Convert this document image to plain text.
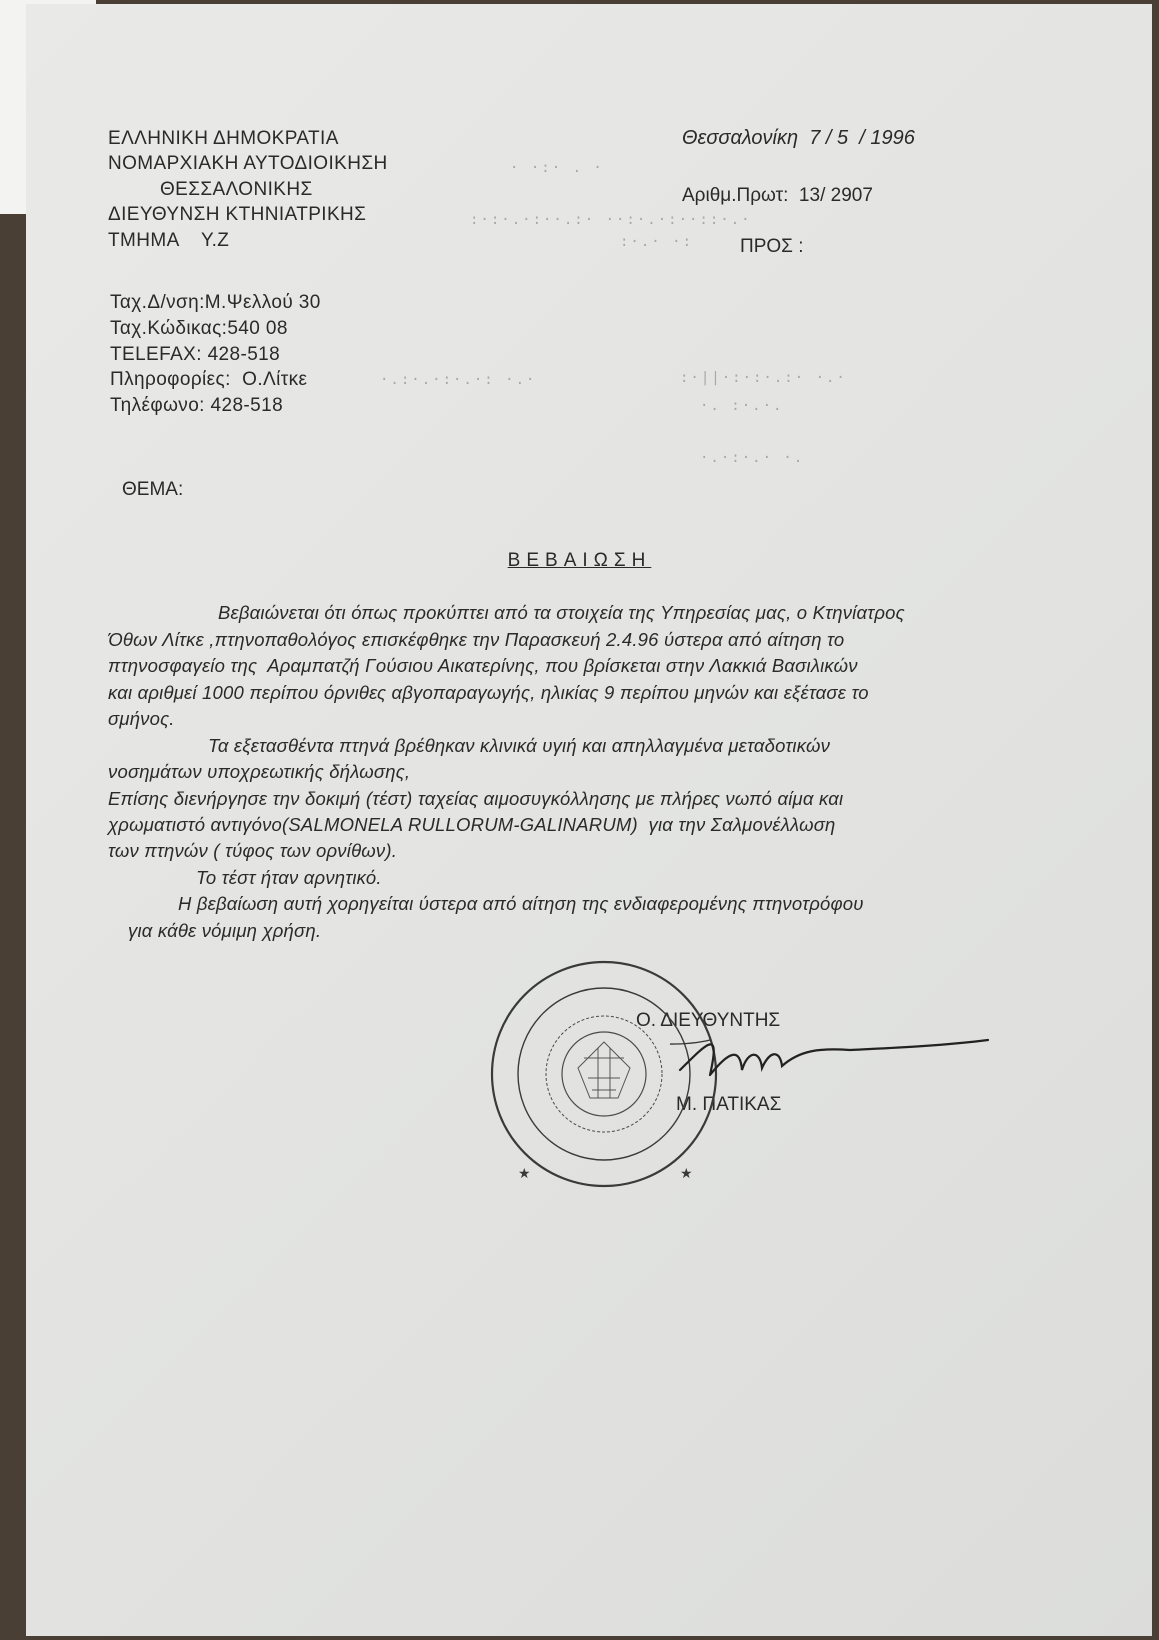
ΕΛΛΗΝΙΚΗ ΔΗΜΟΚΡΑΤΙΑ
ΝΟΜΑΡΧΙΑΚΗ ΑΥΤΟΔΙΟΙΚΗΣΗ
ΘΕΣΣΑΛΟΝΙΚΗΣ
ΔΙΕΥΘΥΝΣΗ ΚΤΗΝΙΑΤΡΙΚΗΣ
ΤΜΗΜΑ    Υ.Ζ
Θεσσαλονίκη  7 / 5  / 1996
Αριθμ.Πρωτ:  13/ 2907
ΠΡΟΣ :
· ·:· . ·
:·:·.·:··.:· ··:·.·:··::·.·
:·.· ·:
·.:·.·:·.·: ·.·	:·||·:·:·.:· ·.·
·. :·.·.
·.·:·.· ·.
Ταχ.Δ/νση:Μ.Ψελλού 30
Ταχ.Κώδικας:540 08
TELEFAX: 428-518
Πληροφορίες:  Ο.Λίτκε
Τηλέφωνο: 428-518
ΘΕΜΑ:
ΒΕΒΑΙΩΣΗ
Βεβαιώνεται ότι όπως προκύπτει από τα στοιχεία της Υπηρεσίας μας, ο Κτηνίατρος
Όθων Λίτκε ,πτηνοπαθολόγος επισκέφθηκε την Παρασκευή 2.4.96 ύστερα από αίτηση το
πτηνοσφαγείο της  Αραμπατζή Γούσιου Αικατερίνης, που βρίσκεται στην Λακκιά Βασιλικών
και αριθμεί 1000 περίπου όρνιθες αβγοπαραγωγής, ηλικίας 9 περίπου μηνών και εξέτασε το
σμήνος.
Τα εξετασθέντα πτηνά βρέθηκαν κλινικά υγιή και απηλλαγμένα μεταδοτικών
νοσημάτων υποχρεωτικής δήλωσης,
Επίσης διενήργησε την δοκιμή (τέστ) ταχείας αιμοσυγκόλλησης με πλήρες νωπό αίμα και
χρωματιστό αντιγόνο(SALMONELA RULLORUM-GALINARUM)  για την Σαλμονέλλωση
των πτηνών ( τύφος των ορνίθων).
Το τέστ ήταν αρνητικό.
Η βεβαίωση αυτή χορηγείται ύστερα από αίτηση της ενδιαφερομένης πτηνοτρόφου
για κάθε νόμιμη χρήση.
Ο. ΔΙΕΥΘΥΝΤΗΣ
Μ. ΠΑΤΙΚΑΣ
★	★
